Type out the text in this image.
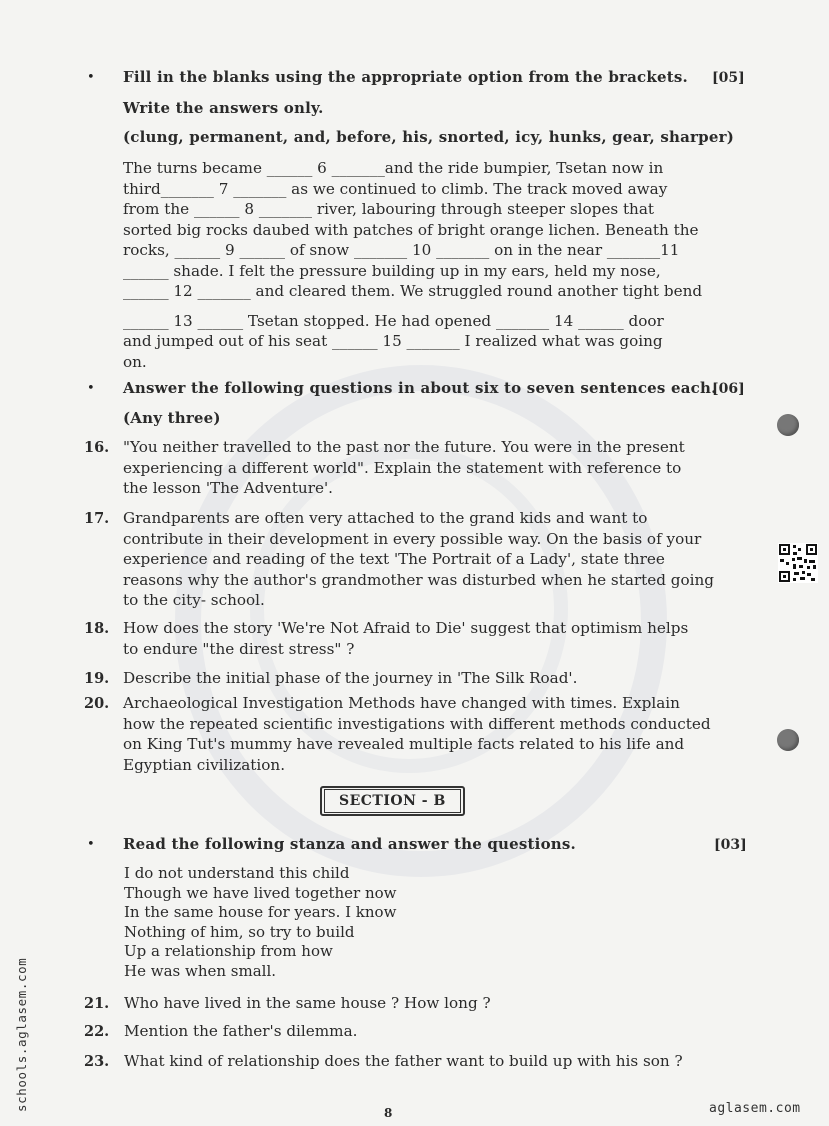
• Fill in the blanks using the appropriate option from the brackets. [05]
Write the answers only.
(clung, permanent, and, before, his, snorted, icy, hunks, gear, sharper)
The turns became ______ 6 _______and the ride bumpier, Tsetan now in
third_______ 7 _______ as we continued to climb. The track moved away
from the ______ 8 _______ river, labouring through steeper slopes that
sorted big rocks daubed with patches of bright orange lichen. Beneath the
rocks, ______ 9 ______ of snow _______ 10 _______ on in the near _______11
______ shade. I felt the pressure building up in my ears, held my nose,
______ 12 _______ and cleared them. We struggled round another tight bend
______ 13 ______ Tsetan stopped. He had opened _______ 14 ______ door
and jumped out of his seat ______ 15 _______ I realized what was going
on.
• Answer the following questions in about six to seven sentences each.
[06]
(Any three)
16. "You neither travelled to the past nor the future. You were in the present
experiencing a different world". Explain the statement with reference to
the lesson 'The Adventure'.
17. Grandparents are often very attached to the grand kids and want to
contribute in their development in every possible way. On the basis of your
experience and reading of the text 'The Portrait of a Lady', state three
reasons why the author's grandmother was disturbed when he started going
to the city- school.
18. How does the story 'We're Not Afraid to Die' suggest that optimism helps
to endure "the direst stress" ?
19. Describe the initial phase of the journey in 'The Silk Road'.
20. Archaeological Investigation Methods have changed with times. Explain
how the repeated scientific investigations with different methods conducted
on King Tut's mummy have revealed multiple facts related to his life and
Egyptian civilization.
SECTION - B
• Read the following stanza and answer the questions.	[03]
I do not understand this child
Though we have lived together now
In the same house for years. I know
Nothing of him, so try to build
Up a relationship from how
He was when small.
21. Who have lived in the same house ? How long ?
22. Mention the father's dilemma.
23. What kind of relationship does the father want to build up with his son ?
8
schools.aglasem.com	aglasem.com
